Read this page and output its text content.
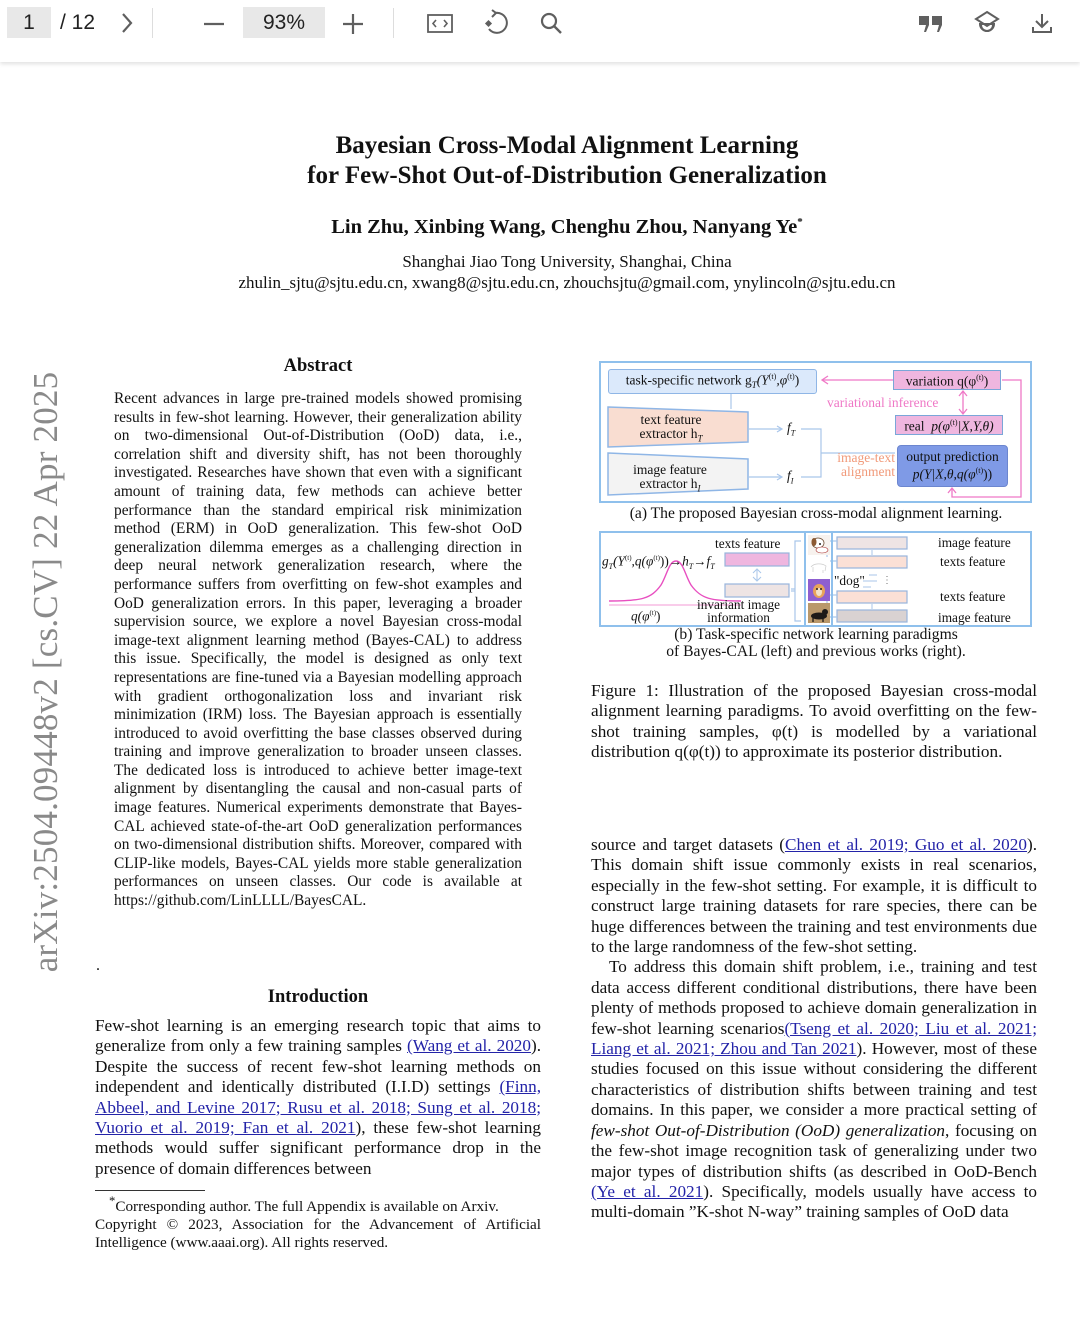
1 / 12	93%
arXiv:2504.09448v2 [cs.CV] 22 Apr 2025
Bayesian Cross-Modal Alignment Learning
for Few-Shot Out-of-Distribution Generalization
Lin Zhu, Xinbing Wang, Chenghu Zhou, Nanyang Ye*
Shanghai Jiao Tong University, Shanghai, China
zhulin_sjtu@sjtu.edu.cn, xwang8@sjtu.edu.cn, zhouchsjtu@gmail.com, ynylincoln@sjtu.edu.cn
Abstract
Recent advances in large pre-trained models showed promising results in few-shot learning. However, their generalization ability on two-dimensional Out-of-Distribution (OoD) data, i.e., correlation shift and diversity shift, has not been thoroughly investigated. Researches have shown that even with a significant amount of training data, few methods can achieve better performance than the standard empirical risk minimization method (ERM) in OoD generalization. This few-shot OoD generalization dilemma emerges as a challenging direction in deep neural network generalization research, where the performance suffers from overfitting on few-shot examples and OoD generalization errors. In this paper, leveraging a broader supervision source, we explore a novel Bayesian cross-modal image-text alignment learning method (Bayes-CAL) to address this issue. Specifically, the model is designed as only text representations are fine-tuned via a Bayesian modelling approach with gradient orthogonalization loss and invariant risk minimization (IRM) loss. The Bayesian approach is essentially introduced to avoid overfitting the base classes observed during training and improve generalization to broader unseen classes. The dedicated loss is introduced to achieve better image-text alignment by disentangling the causal and non-casual parts of image features. Numerical experiments demonstrate that Bayes-CAL achieved state-of-the-art OoD generalization performances on two-dimensional distribution shifts. Moreover, compared with CLIP-like models, Bayes-CAL yields more stable generalization performances on unseen classes. Our code is available at https://github.com/LinLLLL/BayesCAL.
.
Introduction
Few-shot learning is an emerging research topic that aims to generalize from only a few training samples (Wang et al. 2020). Despite the success of recent few-shot learning methods on independent and identically distributed (I.I.D) settings (Finn, Abbeel, and Levine 2017; Rusu et al. 2018; Sung et al. 2018; Vuorio et al. 2019; Fan et al. 2021), these few-shot learning methods would suffer significant performance drop in the presence of domain differences between
*Corresponding author. The full Appendix is available on Arxiv.
Copyright © 2023, Association for the Advancement of Artificial Intelligence (www.aaai.org). All rights reserved.
task-specific network $g_T(Y^{(t)},\varphi^{(t)})$	variation $q(\varphi^{(t)})$
variational inference
real $p(\varphi^{(t)}|X,Y,\theta)$
text feature
extractor $h_T$
image feature
extractor $h_I$
$f_T$
$f_I$
image-text
alignment
output prediction
$p(Y|X,\theta,q(\varphi^{(t)}))$
(a) The proposed Bayesian cross-modal alignment learning.
⋮
$g_T(Y^{(t)},q(\varphi^{(t)}))\to h_T\to f_T$
texts feature
invariant image
information
$q(\varphi^{(t)})$
"dog"
image feature
texts feature
texts feature
image feature
(b) Task-specific network learning paradigms
of Bayes-CAL (left) and previous works (right).
Figure 1: Illustration of the proposed Bayesian cross-modal alignment learning paradigms. To avoid overfitting on the few-shot training samples, φ(t) is modelled by a variational distribution q(φ(t)) to approximate its posterior distribution.
source and target datasets (Chen et al. 2019; Guo et al. 2020). This domain shift issue commonly exists in real scenarios, especially in the few-shot setting. For example, it is difficult to construct large training datasets for rare species, there can be huge differences between the training and test environments due to the large randomness of the few-shot setting.
To address this domain shift problem, i.e., training and test data access different conditional distributions, there have been plenty of methods proposed to achieve domain generalization in few-shot learning scenarios(Tseng et al. 2020; Liu et al. 2021; Liang et al. 2021; Zhou and Tan 2021). However, most of these studies focused on this issue without considering the different characteristics of distribution shifts between training and test domains. In this paper, we consider a more practical setting of few-shot Out-of-Distribution (OoD) generalization, focusing on the few-shot image recognition task of generalizing under two major types of distribution shifts (as described in OoD-Bench (Ye et al. 2021). Specifically, models usually have access to multi-domain ”K-shot N-way” training samples of OoD data
